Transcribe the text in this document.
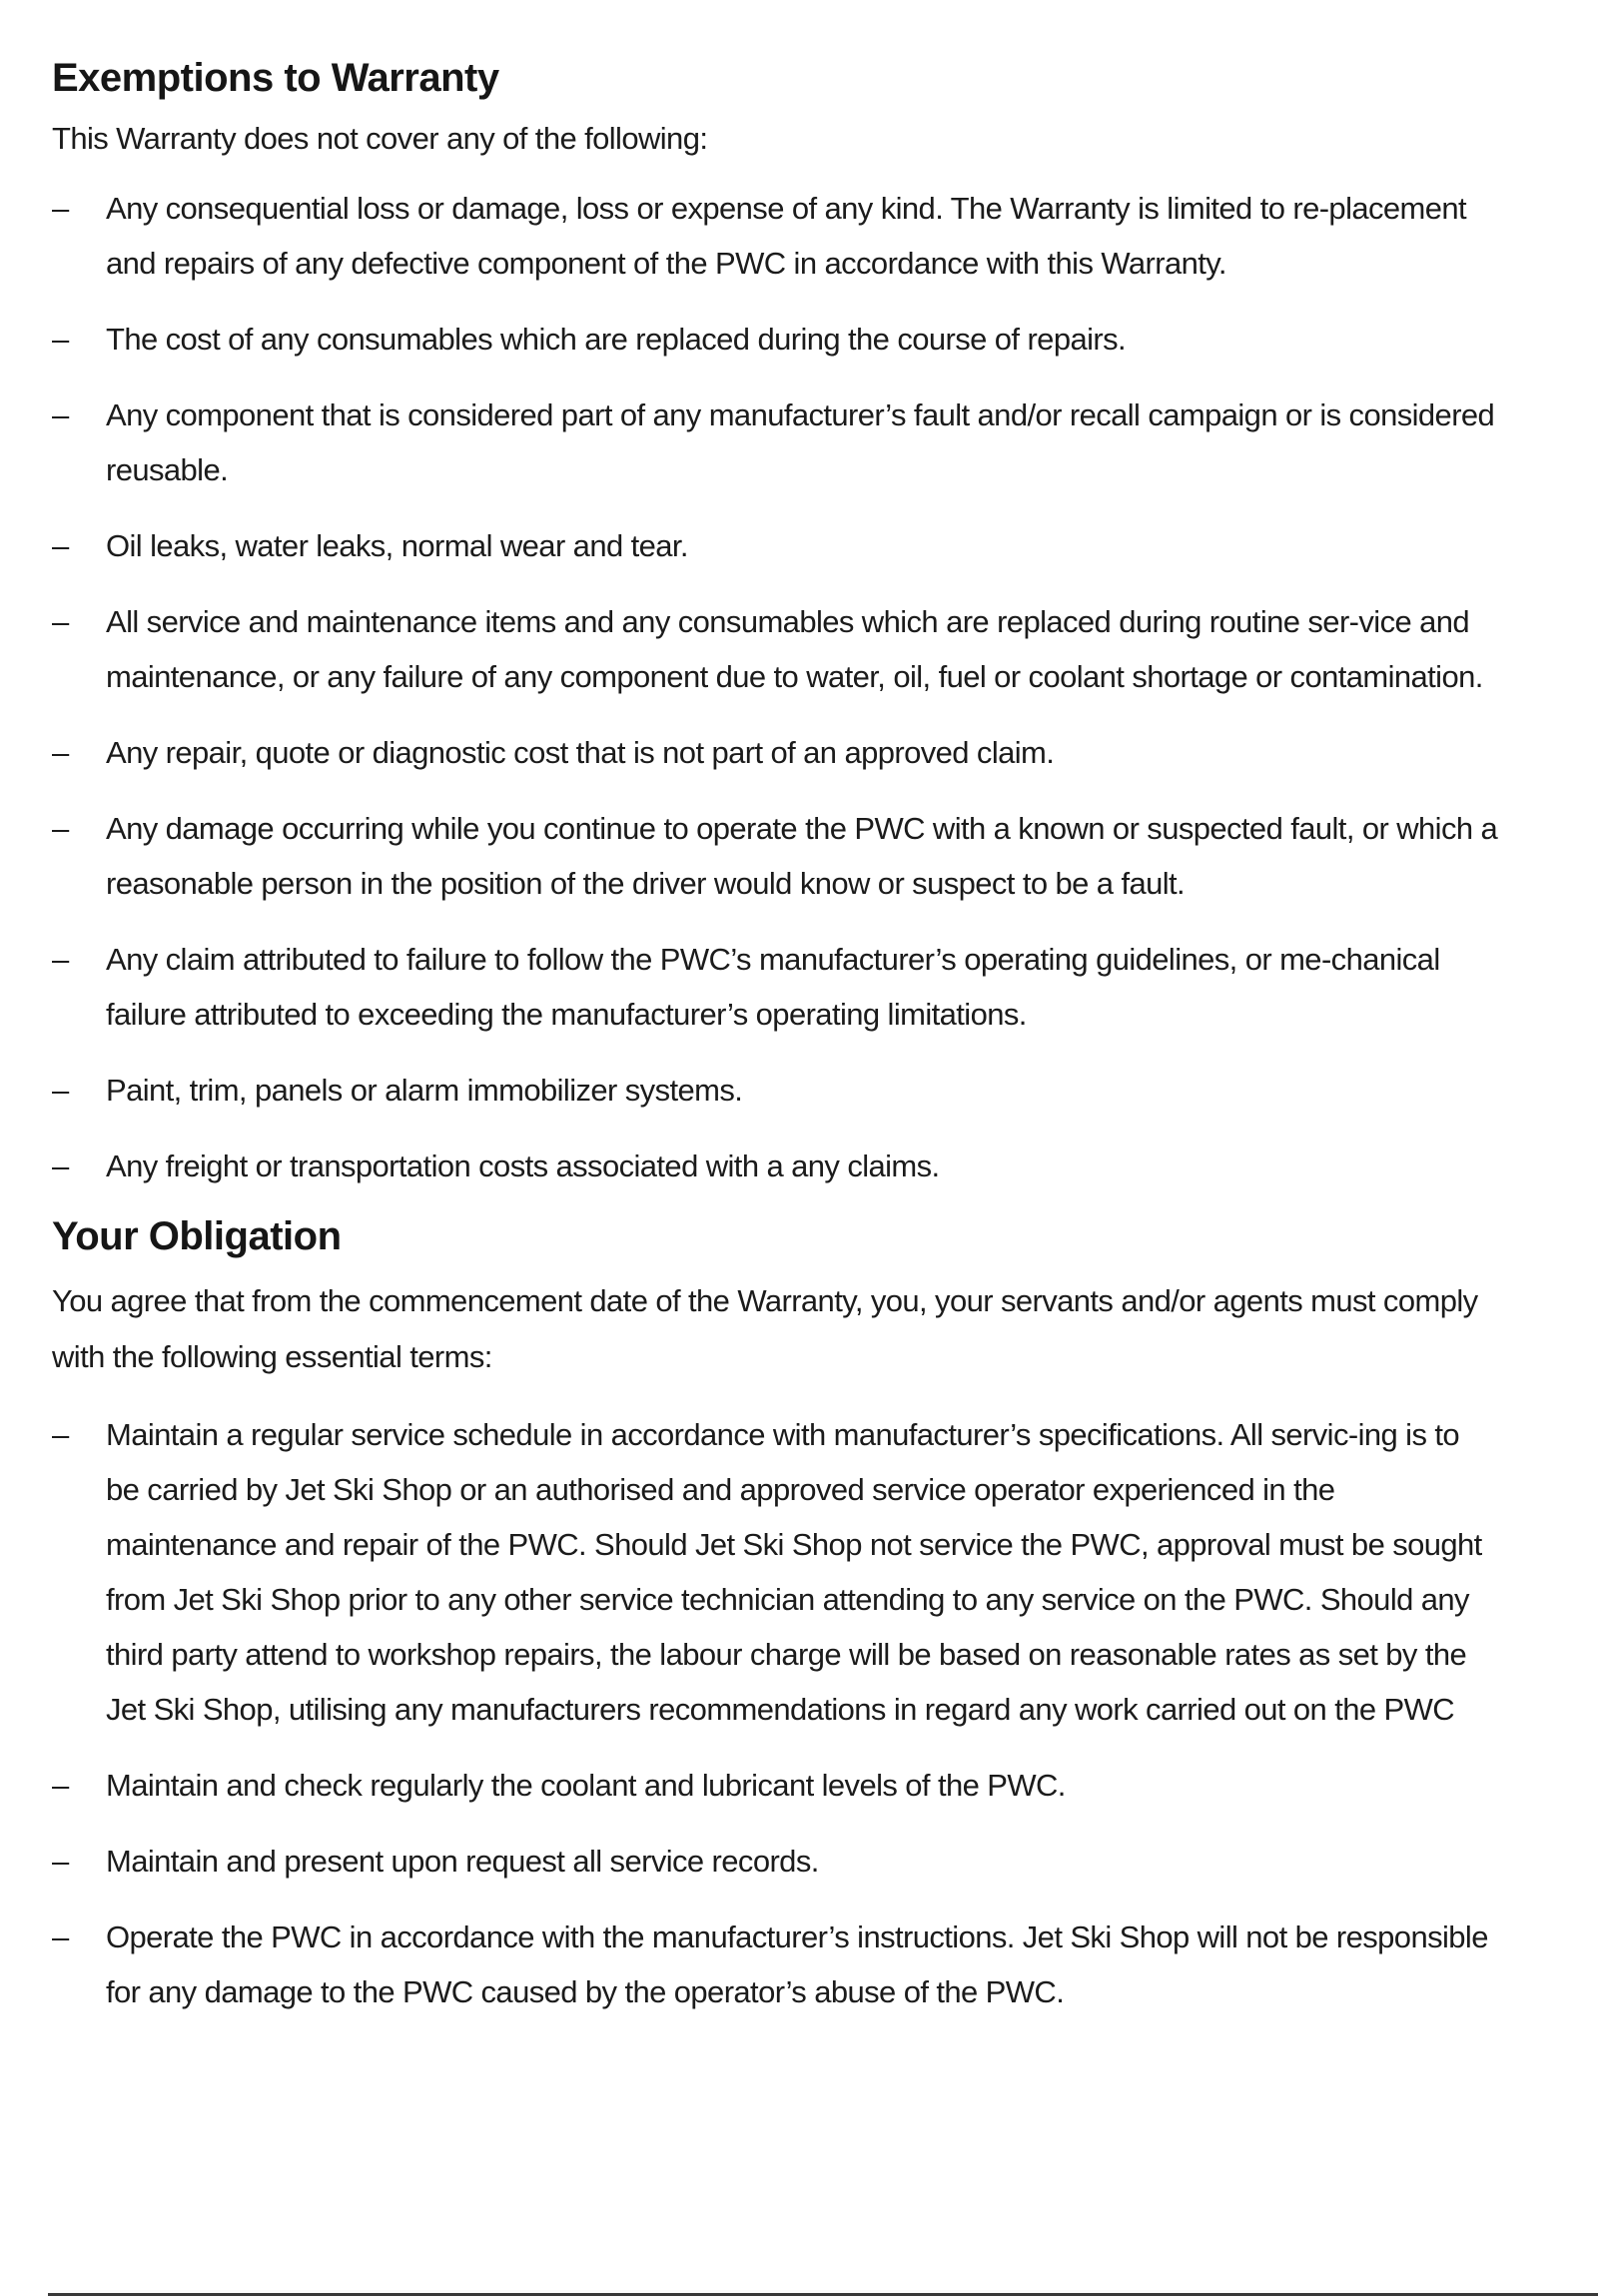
Exemptions to Warranty

This Warranty does not cover any of the following:

– Any consequential loss or damage, loss or expense of any kind. The Warranty is limited to re-placement and repairs of any defective component of the PWC in accordance with this Warranty.
– The cost of any consumables which are replaced during the course of repairs.
– Any component that is considered part of any manufacturer’s fault and/or recall campaign or is considered reusable.
– Oil leaks, water leaks, normal wear and tear.
– All service and maintenance items and any consumables which are replaced during routine ser-vice and maintenance, or any failure of any component due to water, oil, fuel or coolant shortage or contamination.
– Any repair, quote or diagnostic cost that is not part of an approved claim.
– Any damage occurring while you continue to operate the PWC with a known or suspected fault, or which a reasonable person in the position of the driver would know or suspect to be a fault.
– Any claim attributed to failure to follow the PWC’s manufacturer’s operating guidelines, or me-chanical failure attributed to exceeding the manufacturer’s operating limitations.
– Paint, trim, panels or alarm immobilizer systems.
– Any freight or transportation costs associated with a any claims.
Your Obligation

You agree that from the commencement date of the Warranty, you, your servants and/or agents must comply with the following essential terms:

– Maintain a regular service schedule in accordance with manufacturer’s specifications. All servic-ing is to be carried by Jet Ski Shop or an authorised and approved service operator experienced in the maintenance and repair of the PWC. Should Jet Ski Shop not service the PWC, approval must be sought from Jet Ski Shop prior to any other service technician attending to any service on the PWC. Should any third party attend to workshop repairs, the labour charge will be based on reasonable rates as set by the Jet Ski Shop, utilising any manufacturers recommendations in regard any work carried out on the PWC
– Maintain and check regularly the coolant and lubricant levels of the PWC.
– Maintain and present upon request all service records.
– Operate the PWC in accordance with the manufacturer’s instructions. Jet Ski Shop will not be responsible for any damage to the PWC caused by the operator’s abuse of the PWC.
